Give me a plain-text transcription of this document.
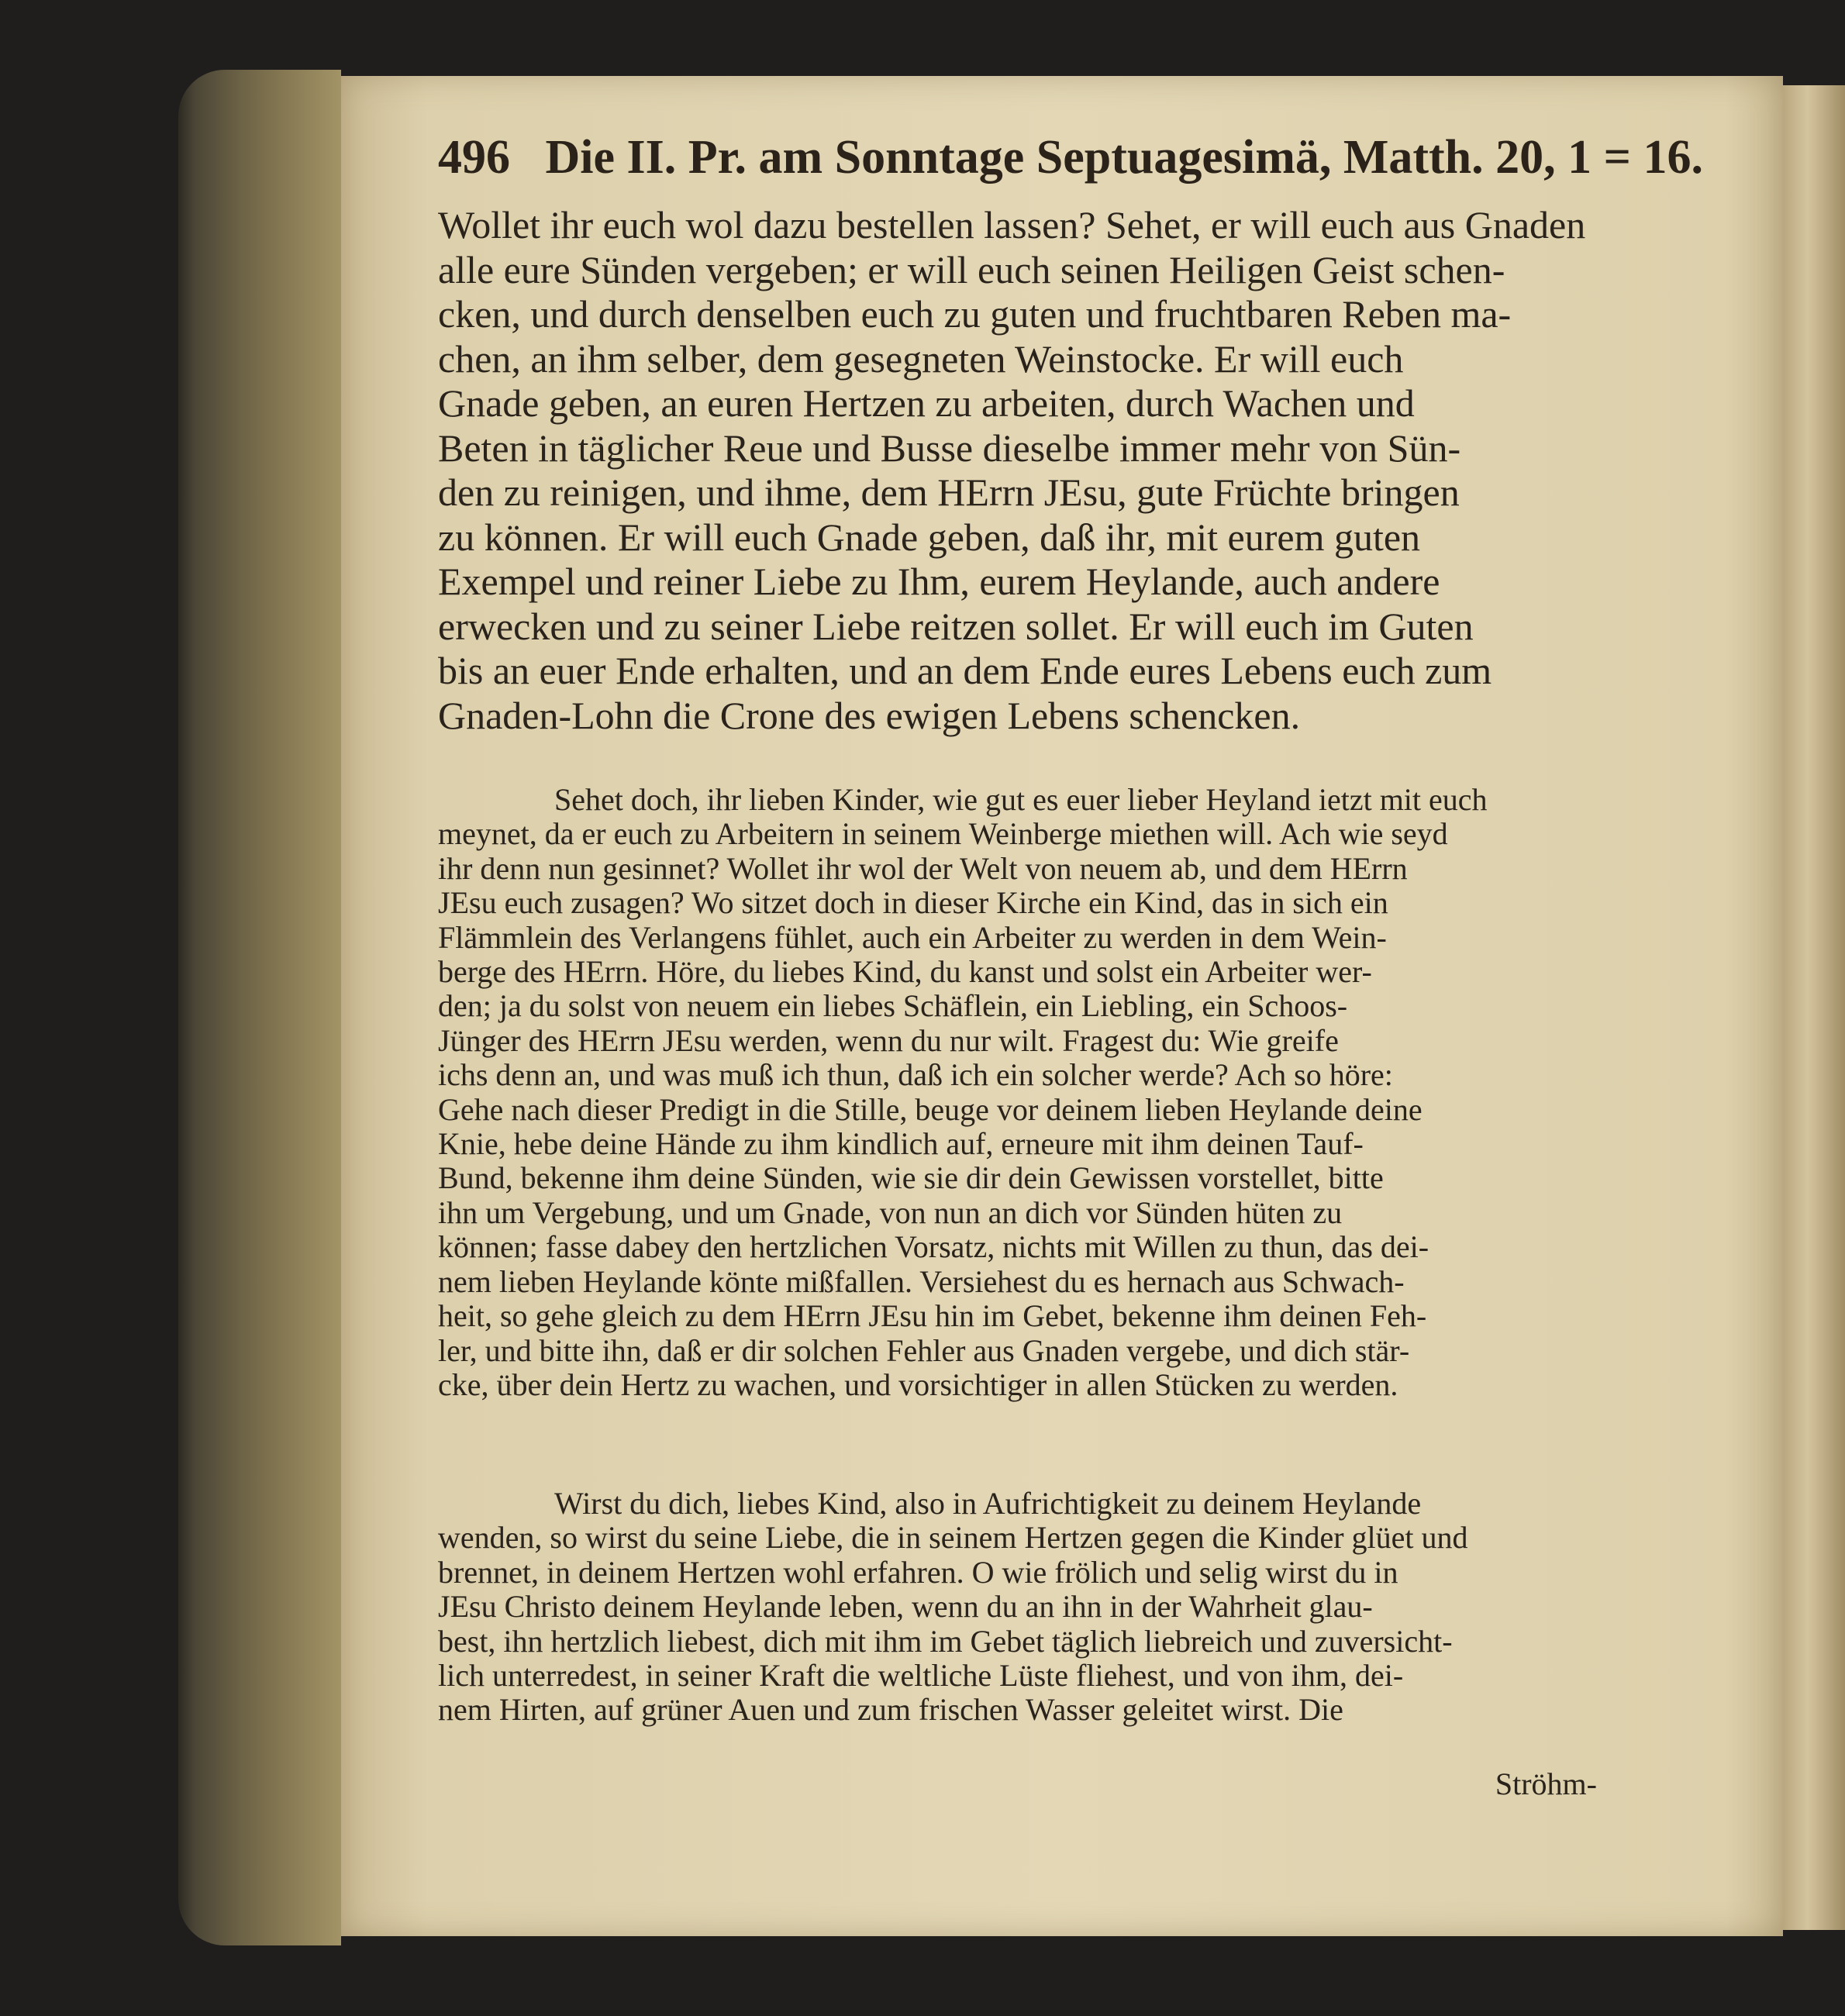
496 Die II. Pr. am Sonntage Septuagesimä, Matth. 20, 1 = 16.
Wollet ihr euch wol dazu bestellen lassen? Sehet, er will euch aus Gnaden
alle eure Sünden vergeben; er will euch seinen Heiligen Geist schen-
cken, und durch denselben euch zu guten und fruchtbaren Reben ma-
chen, an ihm selber, dem gesegneten Weinstocke. Er will euch
Gnade geben, an euren Hertzen zu arbeiten, durch Wachen und
Beten in täglicher Reue und Busse dieselbe immer mehr von Sün-
den zu reinigen, und ihme, dem HErrn JEsu, gute Früchte bringen
zu können. Er will euch Gnade geben, daß ihr, mit eurem guten
Exempel und reiner Liebe zu Ihm, eurem Heylande, auch andere
erwecken und zu seiner Liebe reitzen sollet. Er will euch im Guten
bis an euer Ende erhalten, und an dem Ende eures Lebens euch zum
Gnaden-Lohn die Crone des ewigen Lebens schencken.
Sehet doch, ihr lieben Kinder, wie gut es euer lieber Heyland ietzt mit euch
meynet, da er euch zu Arbeitern in seinem Weinberge miethen will. Ach wie seyd
ihr denn nun gesinnet? Wollet ihr wol der Welt von neuem ab, und dem HErrn
JEsu euch zusagen? Wo sitzet doch in dieser Kirche ein Kind, das in sich ein
Flämmlein des Verlangens fühlet, auch ein Arbeiter zu werden in dem Wein-
berge des HErrn. Höre, du liebes Kind, du kanst und solst ein Arbeiter wer-
den; ja du solst von neuem ein liebes Schäflein, ein Liebling, ein Schoos-
Jünger des HErrn JEsu werden, wenn du nur wilt. Fragest du: Wie greife
ichs denn an, und was muß ich thun, daß ich ein solcher werde? Ach so höre:
Gehe nach dieser Predigt in die Stille, beuge vor deinem lieben Heylande deine
Knie, hebe deine Hände zu ihm kindlich auf, erneure mit ihm deinen Tauf-
Bund, bekenne ihm deine Sünden, wie sie dir dein Gewissen vorstellet, bitte
ihn um Vergebung, und um Gnade, von nun an dich vor Sünden hüten zu
können; fasse dabey den hertzlichen Vorsatz, nichts mit Willen zu thun, das dei-
nem lieben Heylande könte mißfallen. Versiehest du es hernach aus Schwach-
heit, so gehe gleich zu dem HErrn JEsu hin im Gebet, bekenne ihm deinen Feh-
ler, und bitte ihn, daß er dir solchen Fehler aus Gnaden vergebe, und dich stär-
cke, über dein Hertz zu wachen, und vorsichtiger in allen Stücken zu werden.
Wirst du dich, liebes Kind, also in Aufrichtigkeit zu deinem Heylande
wenden, so wirst du seine Liebe, die in seinem Hertzen gegen die Kinder glüet und
brennet, in deinem Hertzen wohl erfahren. O wie frölich und selig wirst du in
JEsu Christo deinem Heylande leben, wenn du an ihn in der Wahrheit glau-
best, ihn hertzlich liebest, dich mit ihm im Gebet täglich liebreich und zuversicht-
lich unterredest, in seiner Kraft die weltliche Lüste fliehest, und von ihm, dei-
nem Hirten, auf grüner Auen und zum frischen Wasser geleitet wirst. Die
Ströhm-
